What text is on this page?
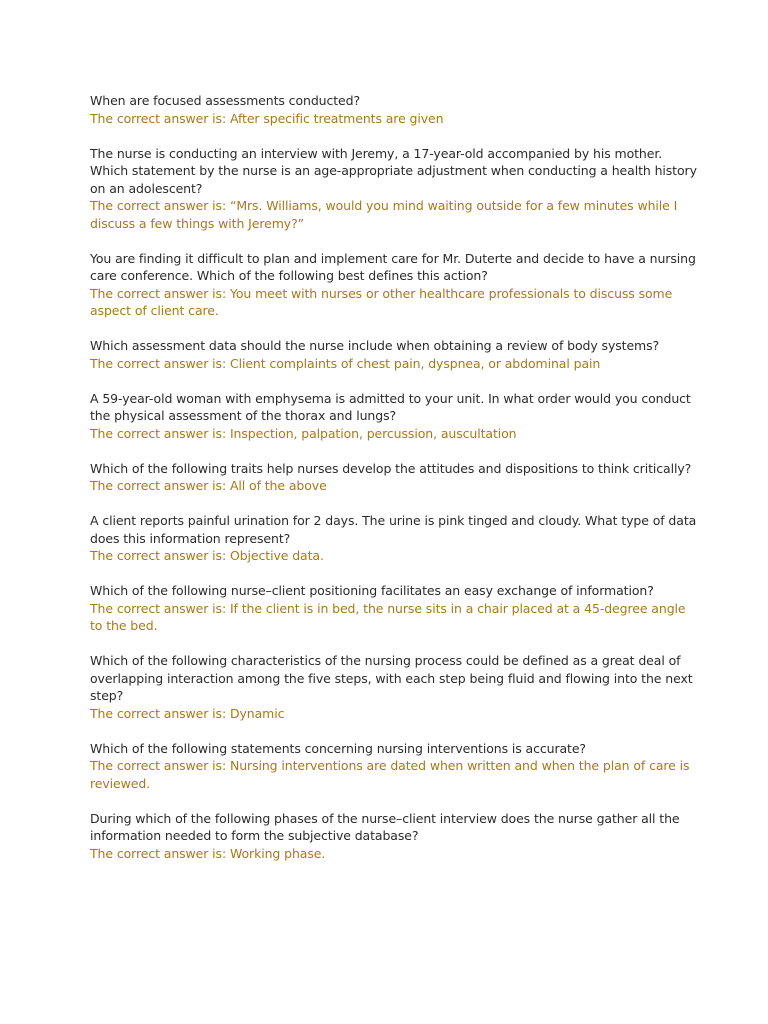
When are focused assessments conducted?
The correct answer is: After specific treatments are given
The nurse is conducting an interview with Jeremy, a 17-year-old accompanied by his mother. Which statement by the nurse is an age-appropriate adjustment when conducting a health history on an adolescent?
The correct answer is: “Mrs. Williams, would you mind waiting outside for a few minutes while I discuss a few things with Jeremy?”
You are finding it difficult to plan and implement care for Mr. Duterte and decide to have a nursing care conference. Which of the following best defines this action?
The correct answer is: You meet with nurses or other healthcare professionals to discuss some aspect of client care.
Which assessment data should the nurse include when obtaining a review of body systems?
The correct answer is: Client complaints of chest pain, dyspnea, or abdominal pain
A 59-year-old woman with emphysema is admitted to your unit. In what order would you conduct the physical assessment of the thorax and lungs?
The correct answer is: Inspection, palpation, percussion, auscultation
Which of the following traits help nurses develop the attitudes and dispositions to think critically?
The correct answer is: All of the above
A client reports painful urination for 2 days. The urine is pink tinged and cloudy. What type of data does this information represent?
The correct answer is: Objective data.
Which of the following nurse–client positioning facilitates an easy exchange of information?
The correct answer is: If the client is in bed, the nurse sits in a chair placed at a 45-degree angle to the bed.
Which of the following characteristics of the nursing process could be defined as a great deal of overlapping interaction among the five steps, with each step being fluid and flowing into the next step?
The correct answer is: Dynamic
Which of the following statements concerning nursing interventions is accurate?
The correct answer is: Nursing interventions are dated when written and when the plan of care is reviewed.
During which of the following phases of the nurse–client interview does the nurse gather all the information needed to form the subjective database?
The correct answer is: Working phase.
